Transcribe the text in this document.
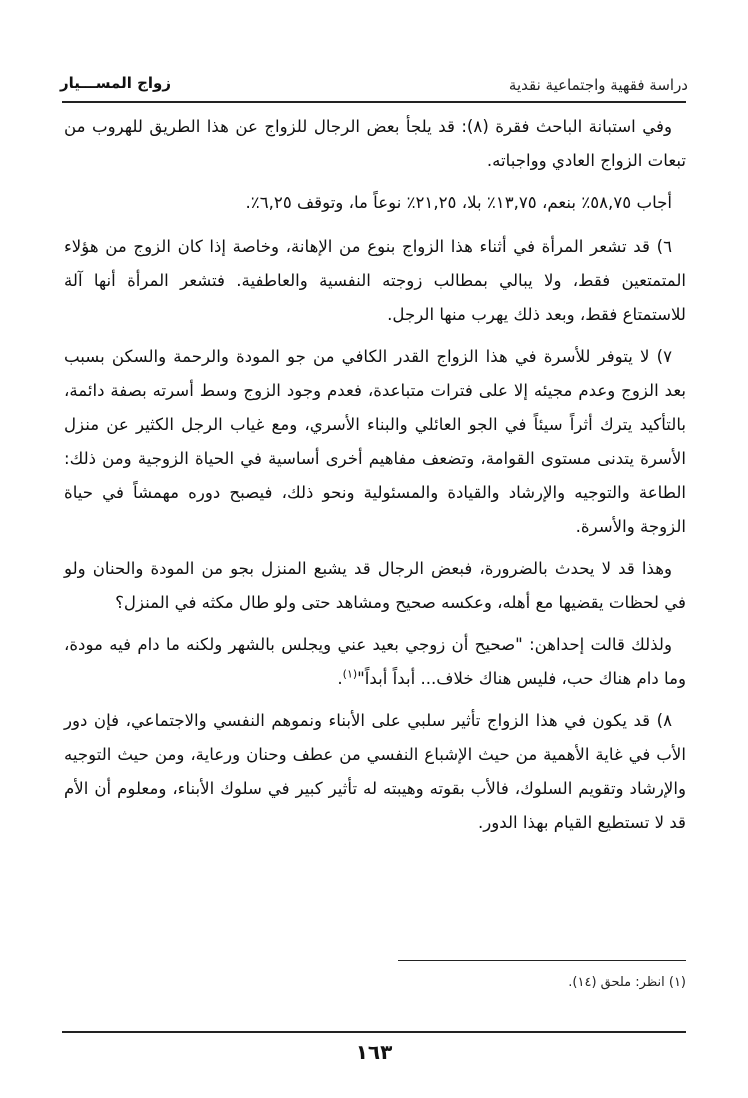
دراسة فقهية واجتماعية نقدية
زواج المســـيار

وفي استبانة الباحث فقرة (٨): قد يلجأ بعض الرجال للزواج عن هذا الطريق للهروب من تبعات الزواج العادي وواجباته.

أجاب ٥٨,٧٥٪ بنعم، ١٣,٧٥٪ بلا، ٢١,٢٥٪ نوعاً ما، وتوقف ٦,٢٥٪.

٦) قد تشعر المرأة في أثناء هذا الزواج بنوع من الإهانة، وخاصة إذا كان الزوج من هؤلاء المتمتعين فقط، ولا يبالي بمطالب زوجته النفسية والعاطفية. فتشعر المرأة أنها آلة للاستمتاع فقط، وبعد ذلك يهرب منها الرجل.

٧) لا يتوفر للأسرة في هذا الزواج القدر الكافي من جو المودة والرحمة والسكن بسبب بعد الزوج وعدم مجيئه إلا على فترات متباعدة، فعدم وجود الزوج وسط أسرته بصفة دائمة، بالتأكيد يترك أثراً سيئاً في الجو العائلي والبناء الأسري، ومع غياب الرجل الكثير عن منزل الأسرة يتدنى مستوى القوامة، وتضعف مفاهيم أخرى أساسية في الحياة الزوجية ومن ذلك: الطاعة والتوجيه والإرشاد والقيادة والمسئولية ونحو ذلك، فيصبح دوره مهمشاً في حياة الزوجة والأسرة.

وهذا قد لا يحدث بالضرورة، فبعض الرجال قد يشبع المنزل بجو من المودة والحنان ولو في لحظات يقضيها مع أهله، وعكسه صحيح ومشاهد حتى ولو طال مكثه في المنزل؟

ولذلك قالت إحداهن: "صحيح أن زوجي بعيد عني ويجلس بالشهر ولكنه ما دام فيه مودة، وما دام هناك حب، فليس هناك خلاف... أبداً أبداً"$^{(١)}$.

٨) قد يكون في هذا الزواج تأثير سلبي على الأبناء ونموهم النفسي والاجتماعي، فإن دور الأب في غاية الأهمية من حيث الإشباع النفسي من عطف وحنان ورعاية، ومن حيث التوجيه والإرشاد وتقويم السلوك، فالأب بقوته وهيبته له تأثير كبير في سلوك الأبناء، ومعلوم أن الأم قد لا تستطيع القيام بهذا الدور.

(١) انظر: ملحق (١٤).
١٦٣
